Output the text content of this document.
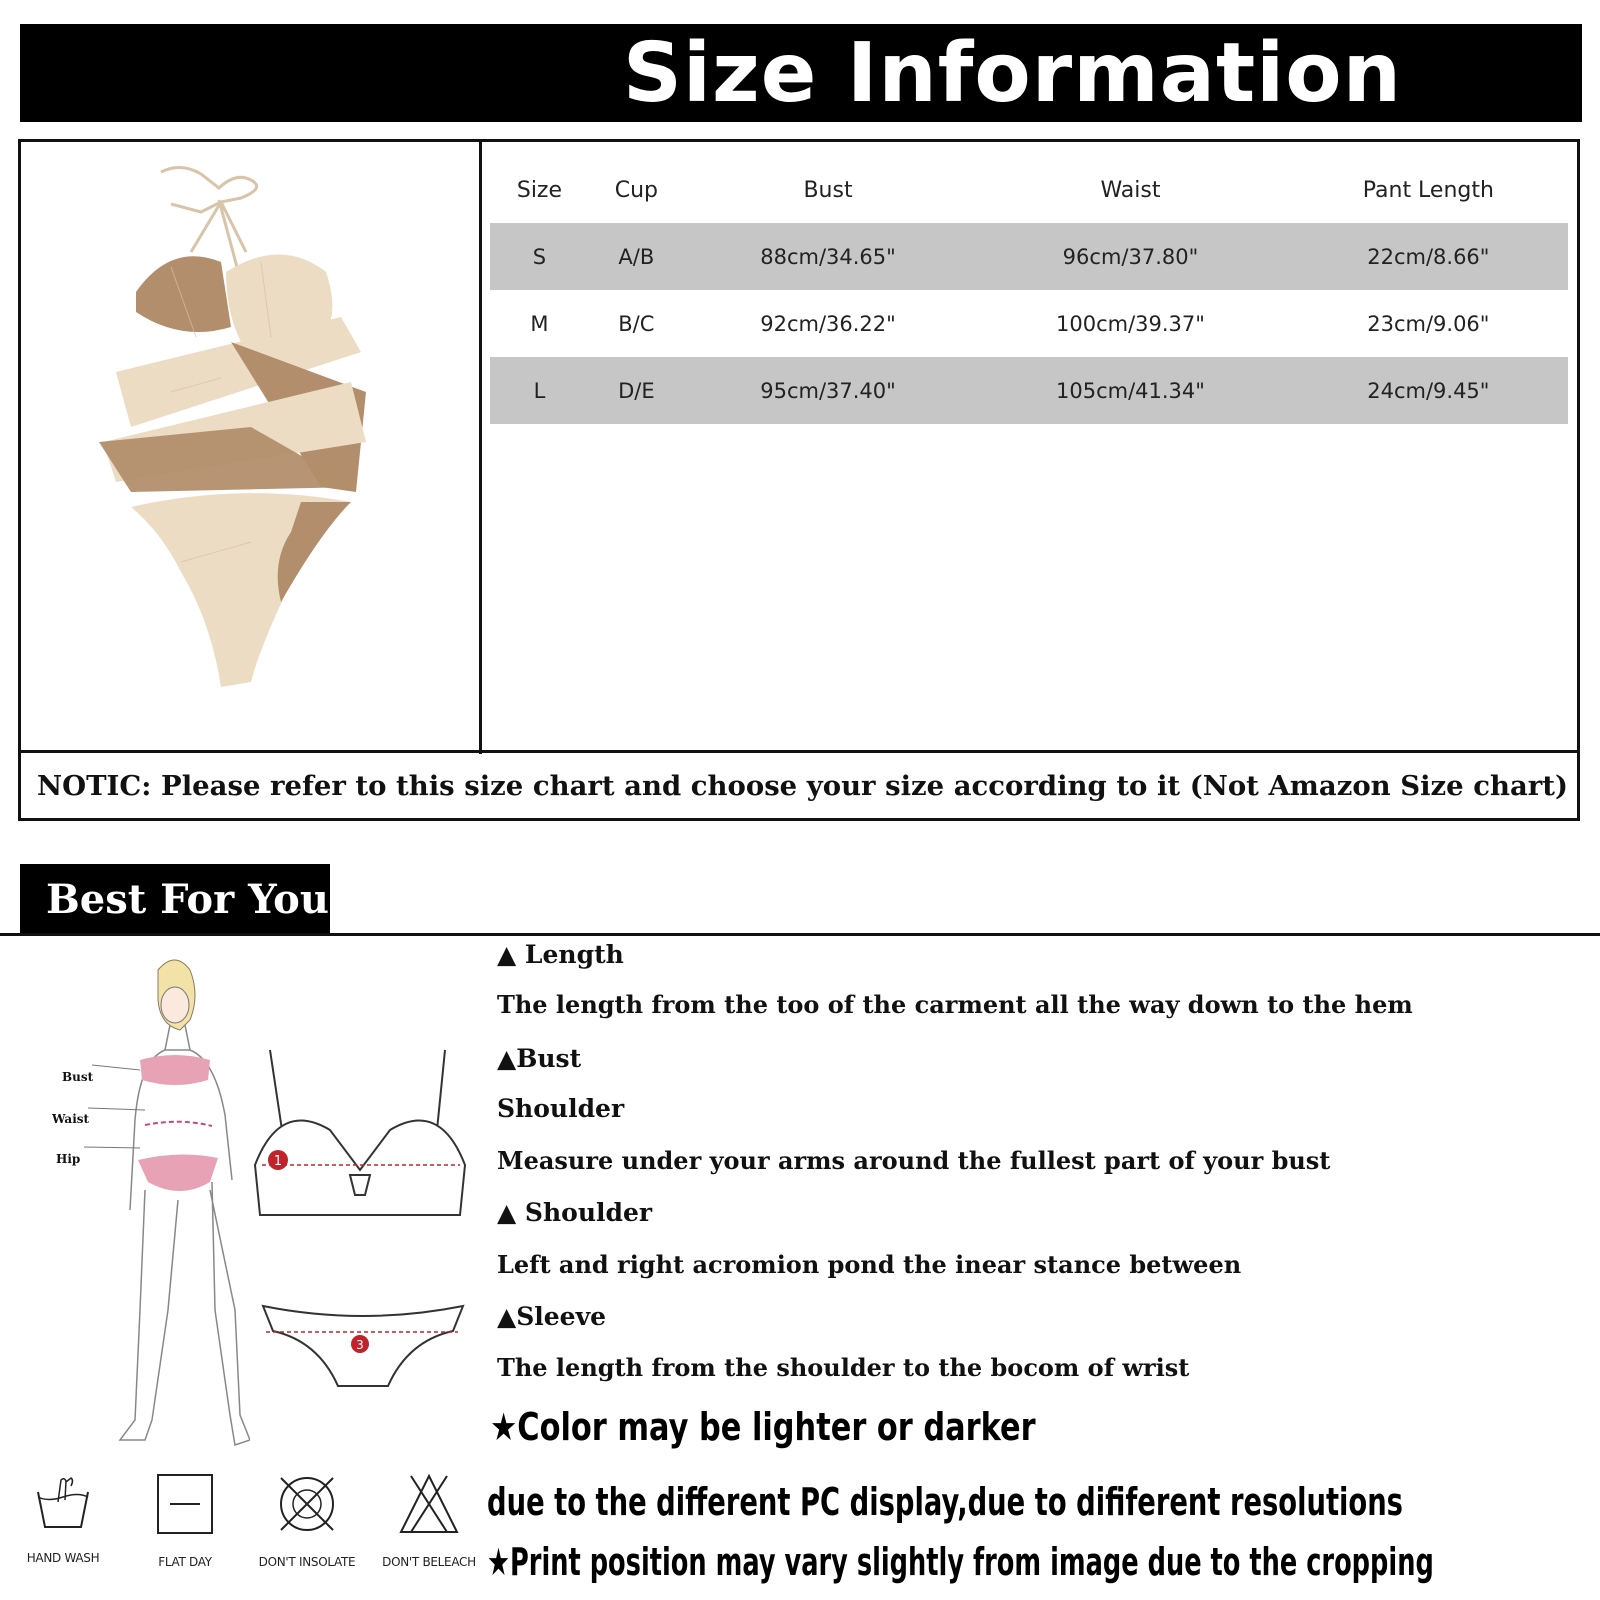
Size Information
NOTIC: Please refer to this size chart and choose your size according to it (Not Amazon Size chart)
Size	Cup	Bust	Waist	Pant Length
S	A/B	88cm/34.65"	96cm/37.80"	22cm/8.66"
M	B/C	92cm/36.22"	100cm/39.37"	23cm/9.06"
L	D/E	95cm/37.40"	105cm/41.34"	24cm/9.45"
Best For You
Bust
Waist
Hip	1
3

▲ Length

The length from the too of the carment all the way down to the hem

▲Bust

Shoulder

Measure under your arms around the fullest part of your bust

▲ Shoulder

Left and right acromion pond the inear stance between

▲Sleeve

The length from the shoulder to the bocom of wrist

★Color may be lighter or darker
due to the different PC display,due to dififerent resolutions
★Print position may vary slightly from image due to the cropping
HAND WASH	FLAT DAY	DON'T INSOLATE	DON'T BELEACH
